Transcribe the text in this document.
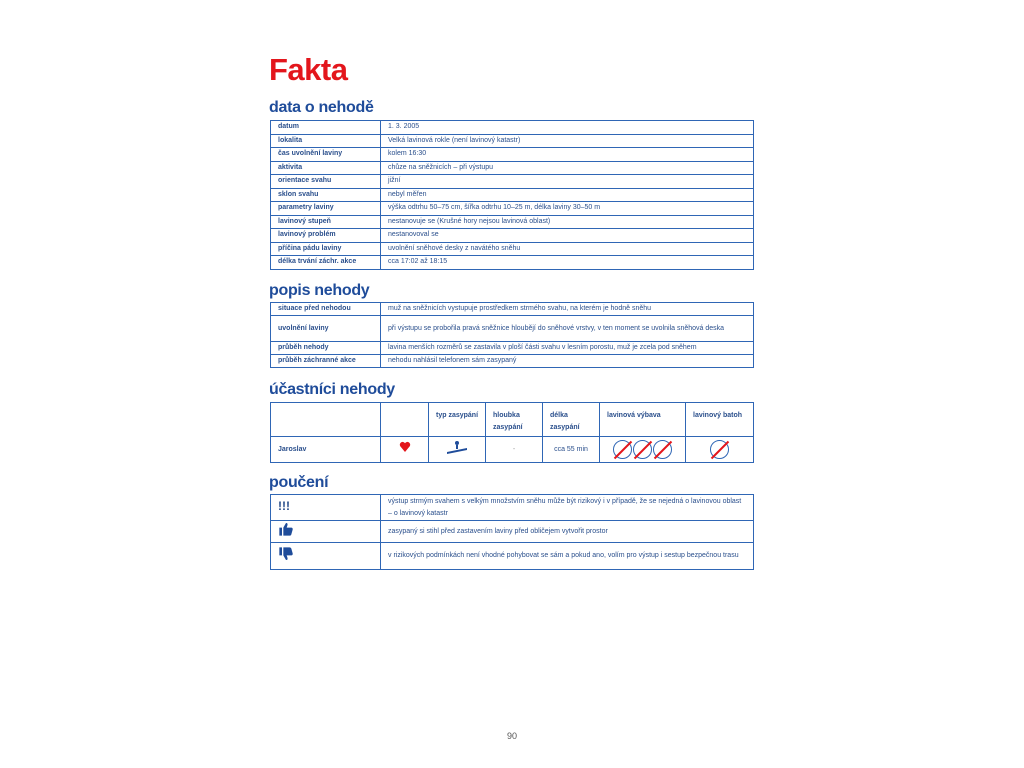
Fakta
data o nehodě
datum	1. 3. 2005
lokalita	Velká lavinová rokle (není lavinový katastr)
čas uvolnění laviny	kolem 16:30
aktivita	chůze na sněžnicích – při výstupu
orientace svahu	jižní
sklon svahu	nebyl měřen
parametry laviny	výška odtrhu 50–75 cm, šířka odtrhu 10–25 m, délka laviny 30–50 m
lavinový stupeň	nestanovuje se (Krušné hory nejsou lavinová oblast)
lavinový problém	nestanovoval se
příčina pádu laviny	uvolnění sněhové desky z navátého sněhu
délka trvání záchr. akce	cca 17:02 až 18:15
popis nehody
situace před nehodou	muž na sněžnicích vystupuje prostředkem strmého svahu, na kterém je hodně sněhu
uvolnění laviny	při výstupu se probořila pravá sněžnice hloubějí do sněhové vrstvy, v ten moment se uvolnila sněhová deska
průběh nehody	lavina menších rozměrů se zastavila v ploší části svahu v lesním porostu, muž je zcela pod sněhem
průběh záchranné akce	nehodu nahlásil telefonem sám zasypaný
účastníci nehody
		typ zasypání	hloubka zasypání	délka zasypání	lavinová výbava	lavinový batoh
Jaroslav			-	cca 55 min	

poučení
!!!	výstup strmým svahem s velkým množstvím sněhu může být rizikový i v případě, že se nejedná o lavinovou oblast – o lavinový katastr
	zasypaný si stihl před zastavením laviny před obličejem vytvořit prostor
	v rizikových podmínkách není vhodné pohybovat se sám a pokud ano, volím pro výstup i sestup bezpečnou trasu
90
